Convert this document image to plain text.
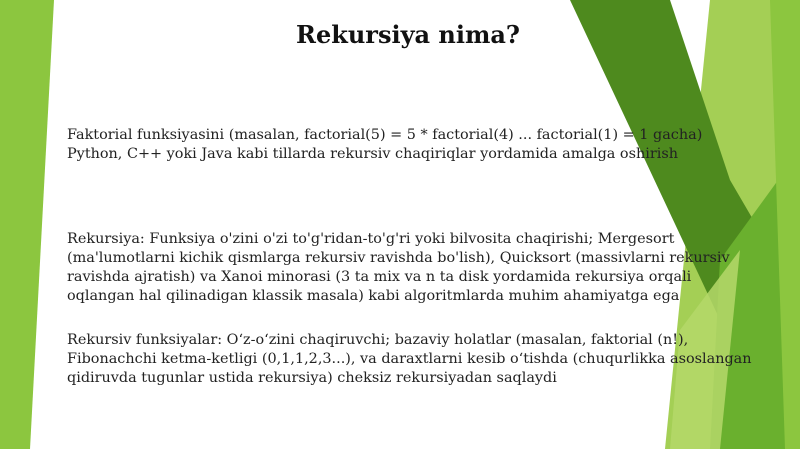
Rekursiya nima?

Faktorial funksiyasini (masalan, factorial(5) = 5 * factorial(4) ... factorial(1) = 1 gacha) Python, C++ yoki Java kabi tillarda rekursiv chaqiriqlar yordamida amalga oshirish

Rekursiya: Funksiya o'zini o'zi to'g'ridan-to'g'ri yoki bilvosita chaqirishi; Mergesort (ma'lumotlarni kichik qismlarga rekursiv ravishda bo'lish), Quicksort (massivlarni rekursiv ravishda ajratish) va Xanoi minorasi (3 ta mix va n ta disk yordamida rekursiya orqali oqlangan hal qilinadigan klassik masala) kabi algoritmlarda muhim ahamiyatga ega

Rekursiv funksiyalar: O‘z-o‘zini chaqiruvchi; bazaviy holatlar (masalan, faktorial (n!), Fibonachchi ketma-ketligi (0,1,1,2,3...), va daraxtlarni kesib o‘tishda (chuqurlikka asoslangan qidiruvda tugunlar ustida rekursiya) cheksiz rekursiyadan saqlaydi
